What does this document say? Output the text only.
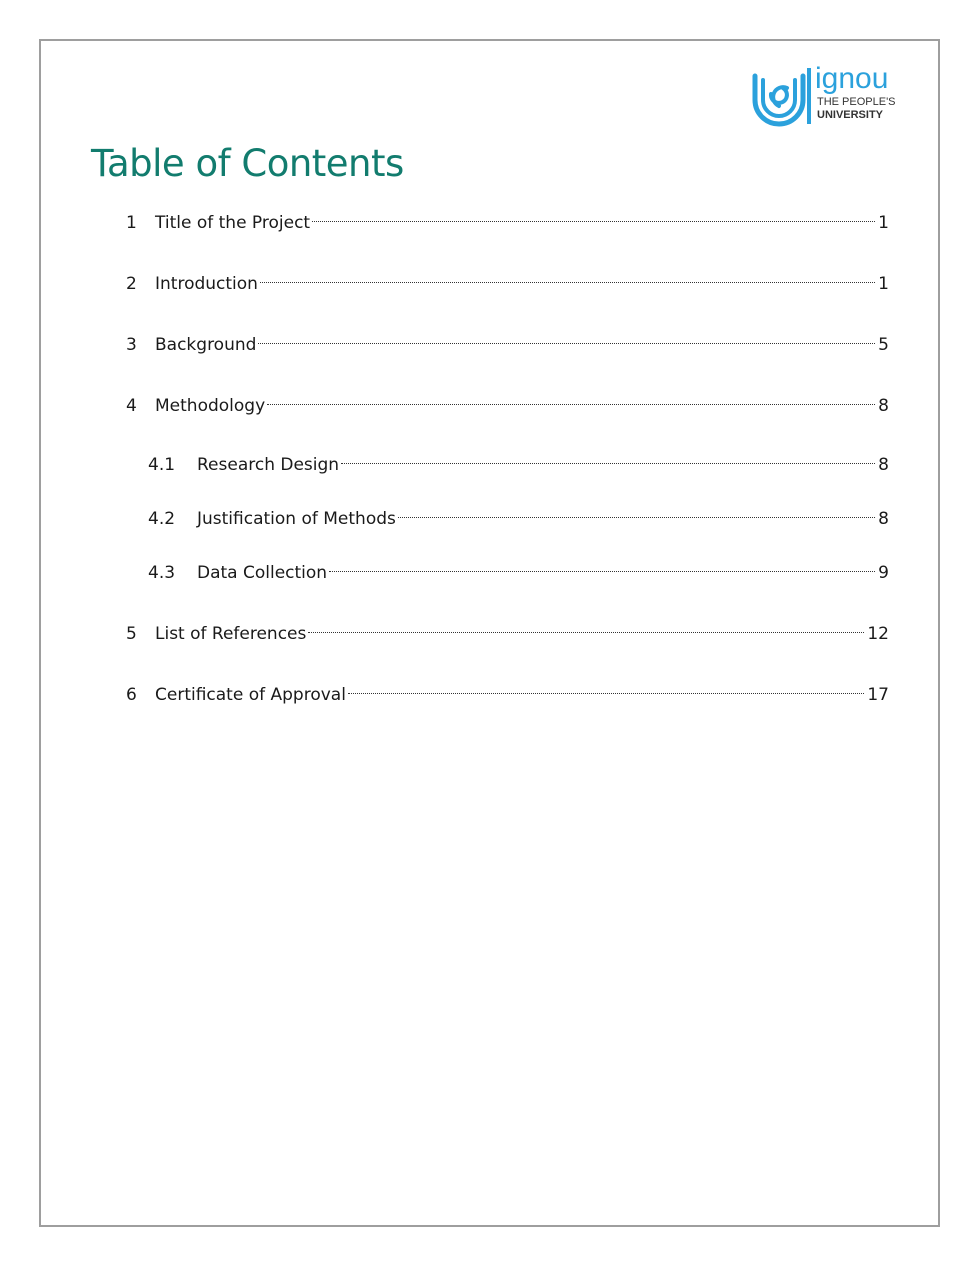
ignou
THE PEOPLE'S
UNIVERSITY
Table of Contents
1	Title of the Project	1
2	Introduction	1
3	Background	5
4	Methodology	8
4.1	Research Design	8
4.2	Justification of Methods	8
4.3	Data Collection	9
5	List of References	12
6	Certificate of Approval	17
